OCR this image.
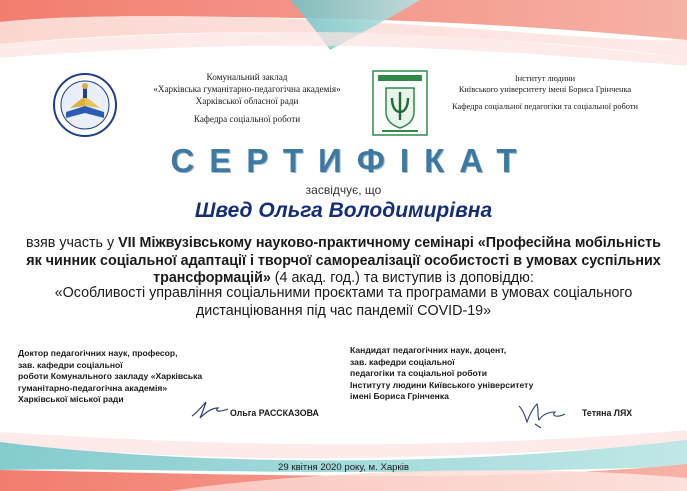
Комунальний заклад
«Харківська гуманітарно-педагогічна академія»
Харківської обласної ради
Кафедра соціальної роботи
Інститут людини
Київського університету імені Бориса Грінченка
Кафедра соціальної педагогіки та соціальної роботи
СЕРТИФІКАТ
засвідчує, що
Швед Ольга Володимирівна
взяв участь у VII Міжвузівському науково-практичному семінарі «Професійна мобільність як чинник соціальної адаптації і творчої самореалізації особистості в умовах суспільних трансформацій» (4 акад. год.) та виступив із доповіддю:
«Особливості управління соціальними проєктами та програмами в умовах соціального дистанціювання під час пандемії COVID-19»
Доктор педагогічних наук, професор,
зав. кафедри соціальної
роботи Комунального закладу «Харківська
гуманітарно-педагогічна академія»
Харківської міської ради
Ольга РАССКАЗОВА
Кандидат педагогічних наук, доцент,
зав. кафедри соціальної
педагогіки та соціальної роботи
Інституту людини Київського університету
імені Бориса Грінченка
Тетяна ЛЯХ
29 квітня 2020 року, м. Харків
